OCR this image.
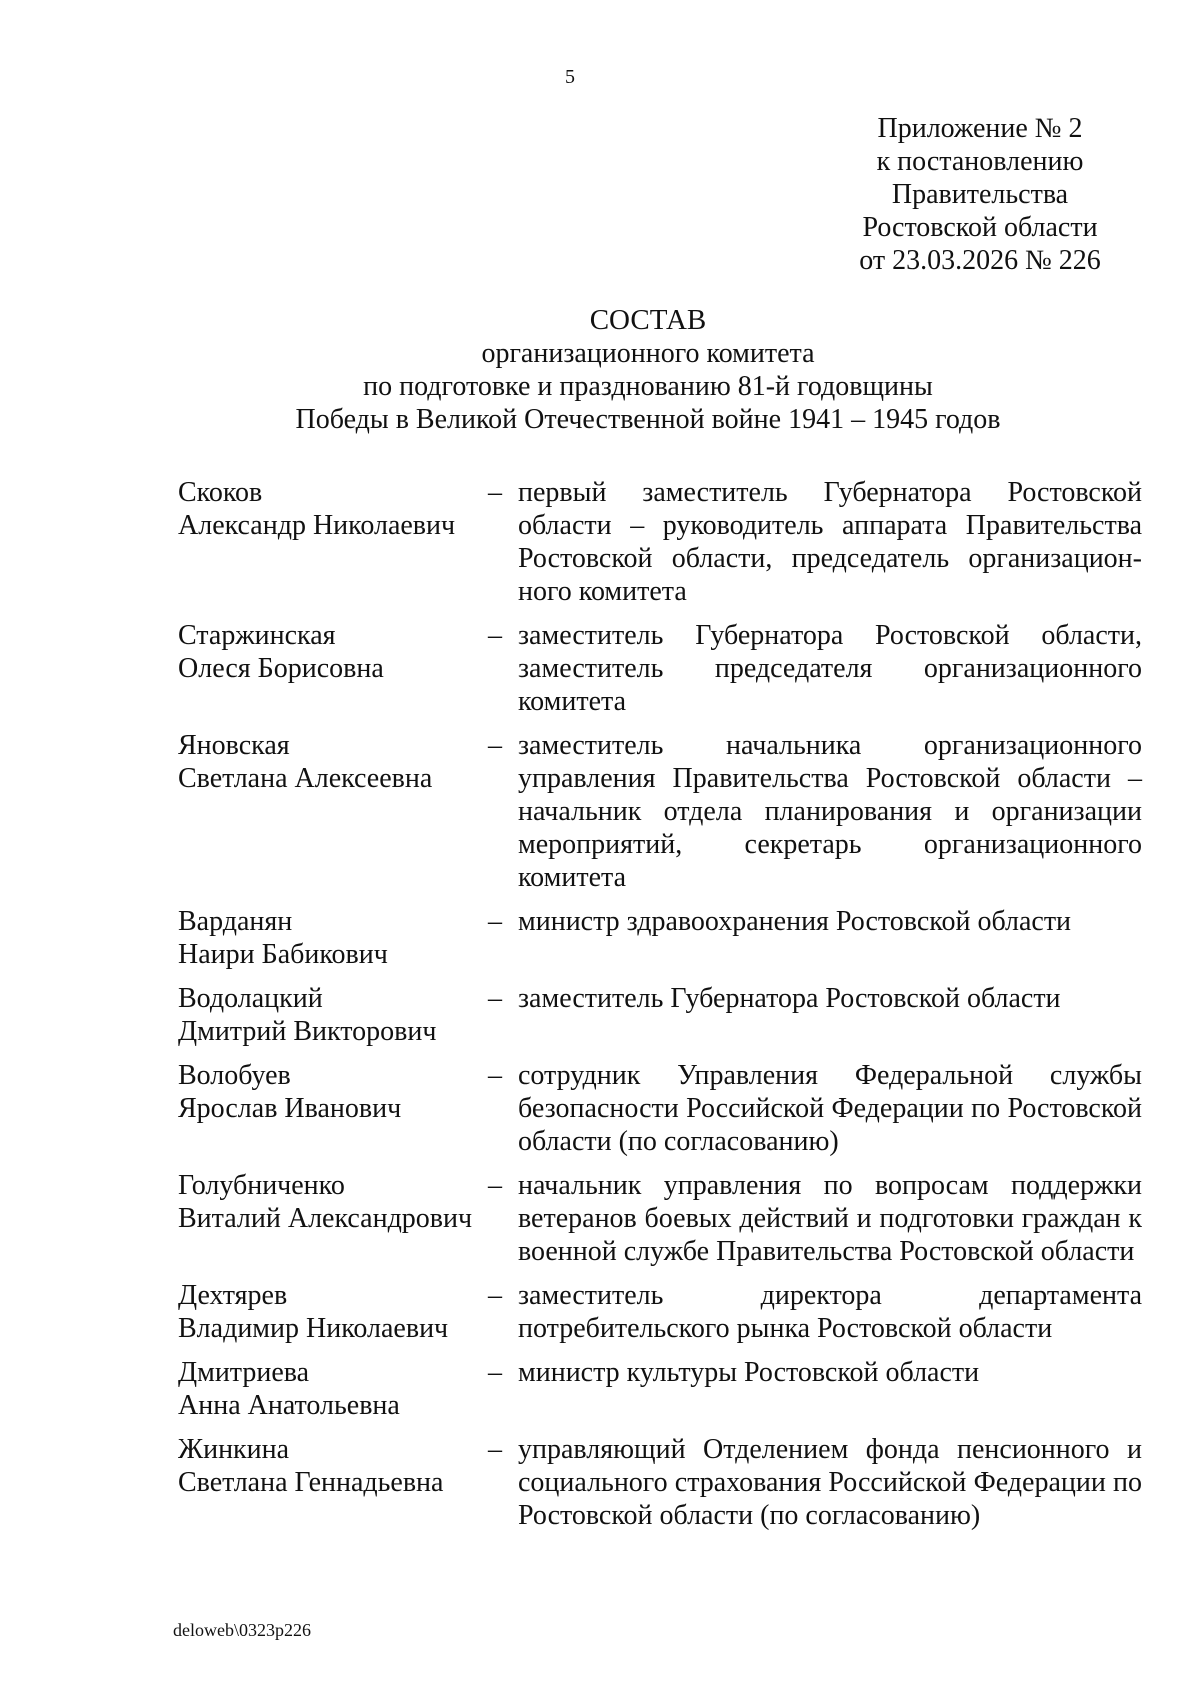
5
Приложение № 2
к постановлению
Правительства
Ростовской области
от 23.03.2026 № 226
СОСТАВ
организационного комитета
по подготовке и празднованию 81-й годовщины
Победы в Великой Отечественной войне 1941 – 1945 годов
Скоков
Александр Николаевич
– первый заместитель Губернатора Ростовской области – руководитель аппарата Правительства Ростовской области, председатель организационного комитета
Старжинская
Олеся Борисовна
– заместитель Губернатора Ростовской области, заместитель председателя организационного комитета
Яновская
Светлана Алексеевна
– заместитель начальника организационного управления Правительства Ростовской области – начальник отдела планирования и организации мероприятий, секретарь организационного комитета
Варданян
Наири Бабикович
– министр здравоохранения Ростовской области
Водолацкий
Дмитрий Викторович
– заместитель Губернатора Ростовской области
Волобуев
Ярослав Иванович
– сотрудник Управления Федеральной службы безопасности Российской Федерации по Ростовской области (по согласованию)
Голубниченко
Виталий Александрович
– начальник управления по вопросам поддержки ветеранов боевых действий и подготовки граждан к военной службе Правительства Ростовской области
Дехтярев
Владимир Николаевич
– заместитель директора департамента потребительского рынка Ростовской области
Дмитриева
Анна Анатольевна
– министр культуры Ростовской области
Жинкина
Светлана Геннадьевна
– управляющий Отделением фонда пенсионного и социального страхования Российской Федерации по Ростовской области (по согласованию)
deloweb\0323p226
